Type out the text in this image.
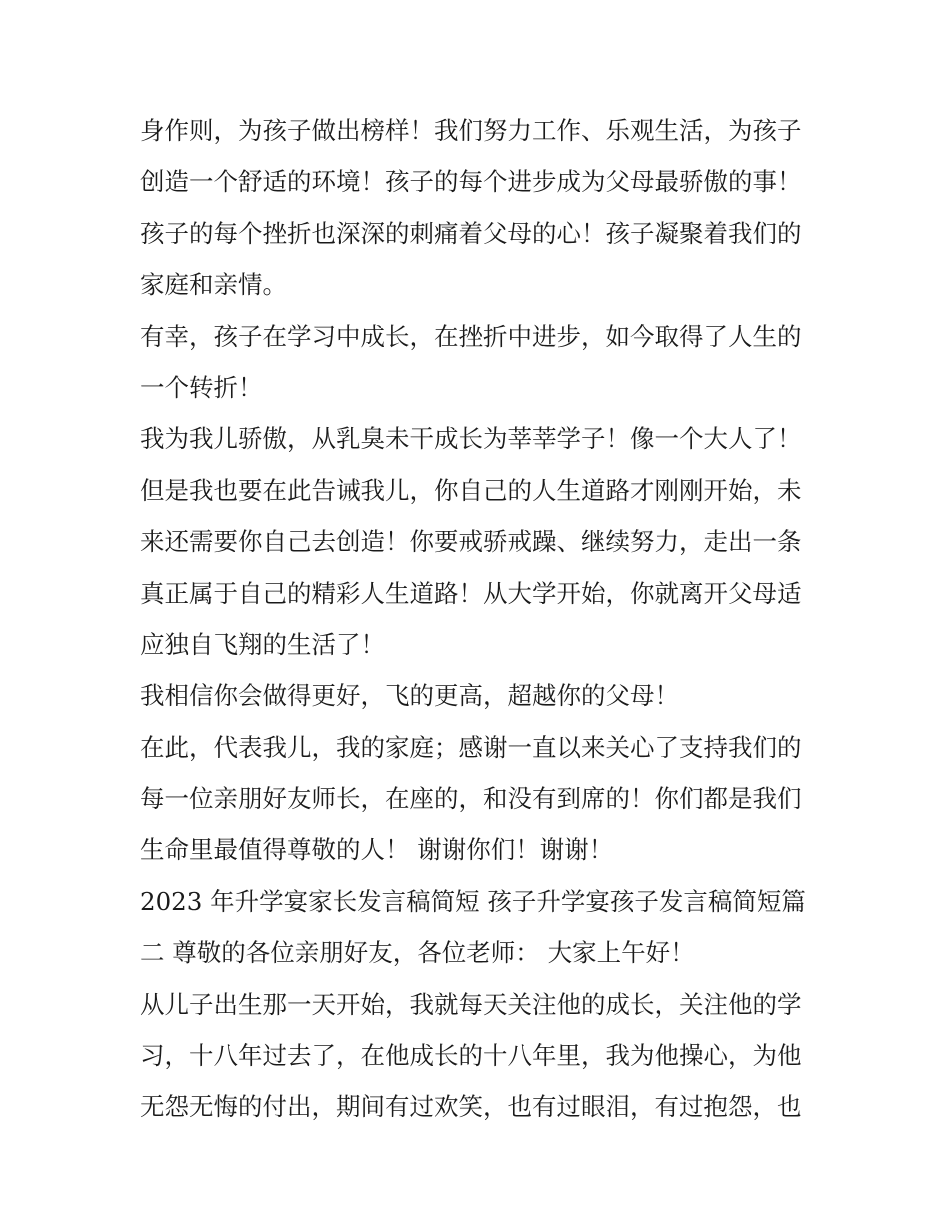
身作则，为孩子做出榜样！我们努力工作、乐观生活，为孩子
创造一个舒适的环境！孩子的每个进步成为父母最骄傲的事！
孩子的每个挫折也深深的刺痛着父母的心！孩子凝聚着我们的
家庭和亲情。
有幸，孩子在学习中成长，在挫折中进步，如今取得了人生的
一个转折！
我为我儿骄傲，从乳臭未干成长为莘莘学子！像一个大人了！
但是我也要在此告诫我儿，你自己的人生道路才刚刚开始，未
来还需要你自己去创造！你要戒骄戒躁、继续努力，走出一条
真正属于自己的精彩人生道路！从大学开始，你就离开父母适
应独自飞翔的生活了！
我相信你会做得更好，飞的更高，超越你的父母！
在此，代表我儿，我的家庭；感谢一直以来关心了支持我们的
每一位亲朋好友师长，在座的，和没有到席的！你们都是我们
生命里最值得尊敬的人！ 谢谢你们！谢谢！
2023 年升学宴家长发言稿简短 孩子升学宴孩子发言稿简短篇
二 尊敬的各位亲朋好友，各位老师： 大家上午好！
从儿子出生那一天开始，我就每天关注他的成长，关注他的学
习，十八年过去了，在他成长的十八年里，我为他操心，为他
无怨无悔的付出，期间有过欢笑，也有过眼泪，有过抱怨，也
